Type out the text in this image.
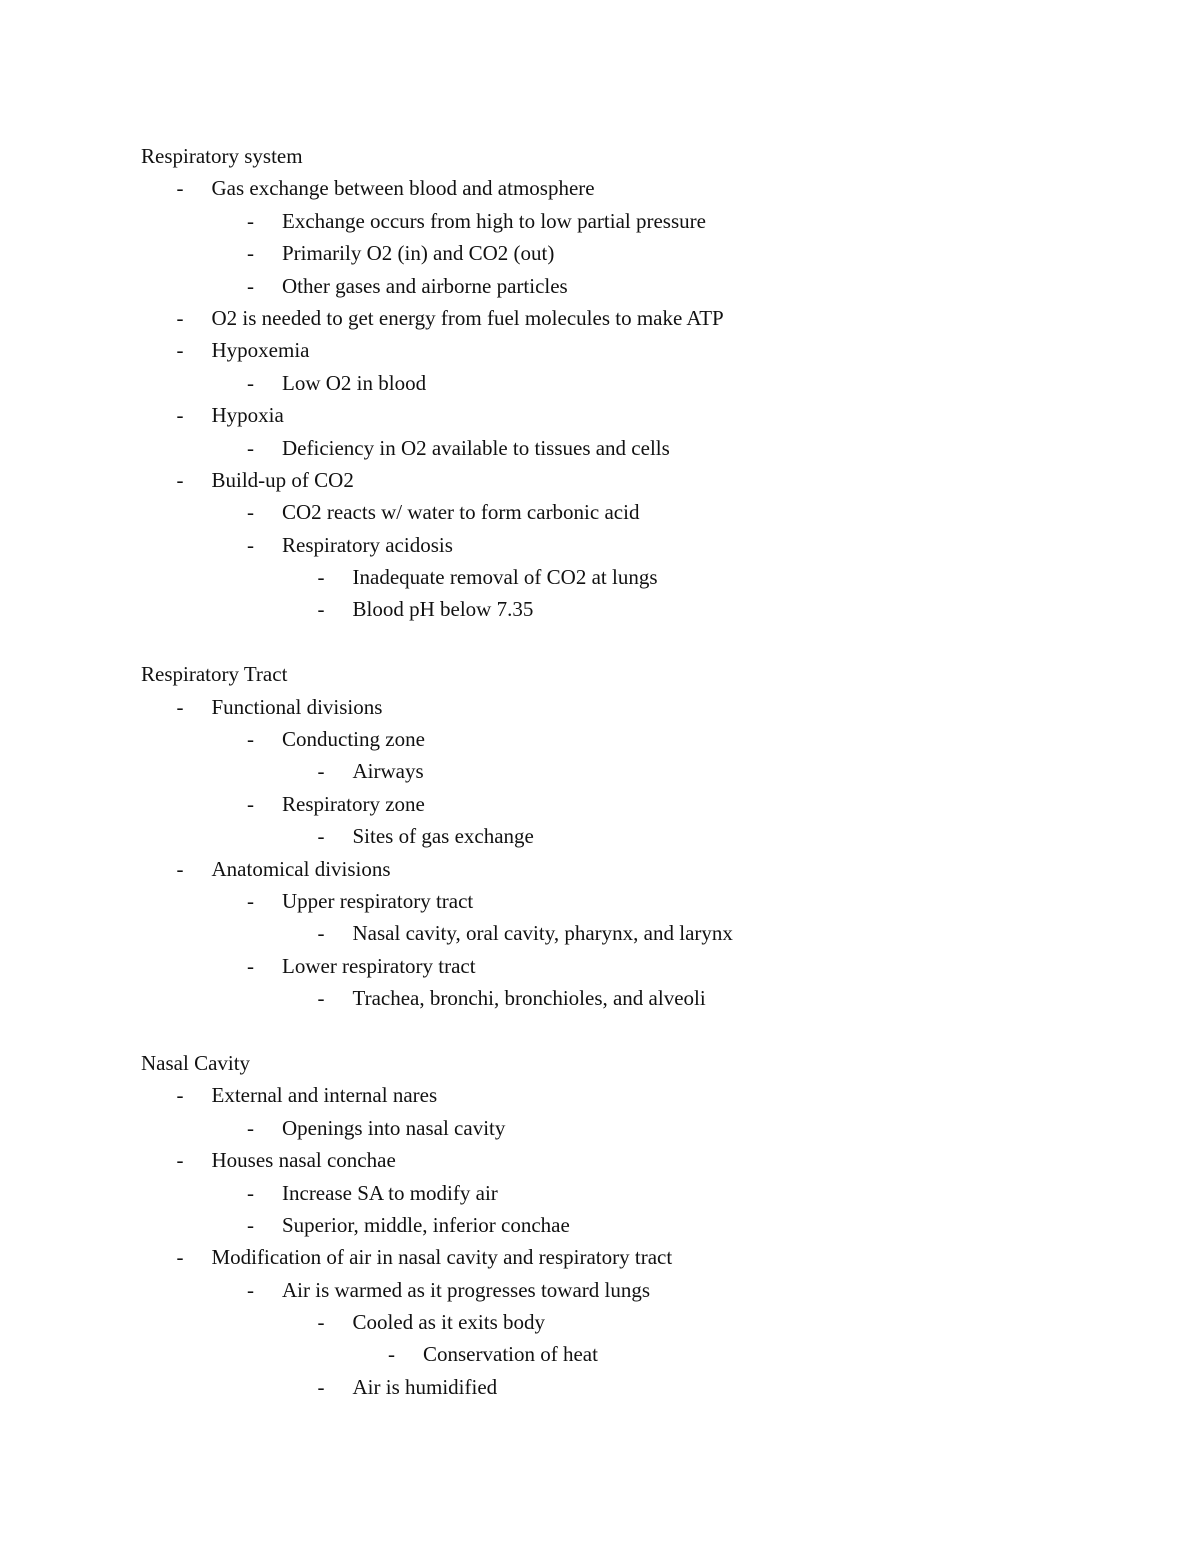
Respiratory system
- Gas exchange between blood and atmosphere
- Exchange occurs from high to low partial pressure
- Primarily O2 (in) and CO2 (out)
- Other gases and airborne particles
- O2 is needed to get energy from fuel molecules to make ATP
- Hypoxemia
- Low O2 in blood
- Hypoxia
- Deficiency in O2 available to tissues and cells
- Build-up of CO2
- CO2 reacts w/ water to form carbonic acid
- Respiratory acidosis
- Inadequate removal of CO2 at lungs
- Blood pH below 7.35
Respiratory Tract
- Functional divisions
- Conducting zone
- Airways
- Respiratory zone
- Sites of gas exchange
- Anatomical divisions
- Upper respiratory tract
- Nasal cavity, oral cavity, pharynx, and larynx
- Lower respiratory tract
- Trachea, bronchi, bronchioles, and alveoli
Nasal Cavity
- External and internal nares
- Openings into nasal cavity
- Houses nasal conchae
- Increase SA to modify air
- Superior, middle, inferior conchae
- Modification of air in nasal cavity and respiratory tract
- Air is warmed as it progresses toward lungs
- Cooled as it exits body
- Conservation of heat
- Air is humidified
